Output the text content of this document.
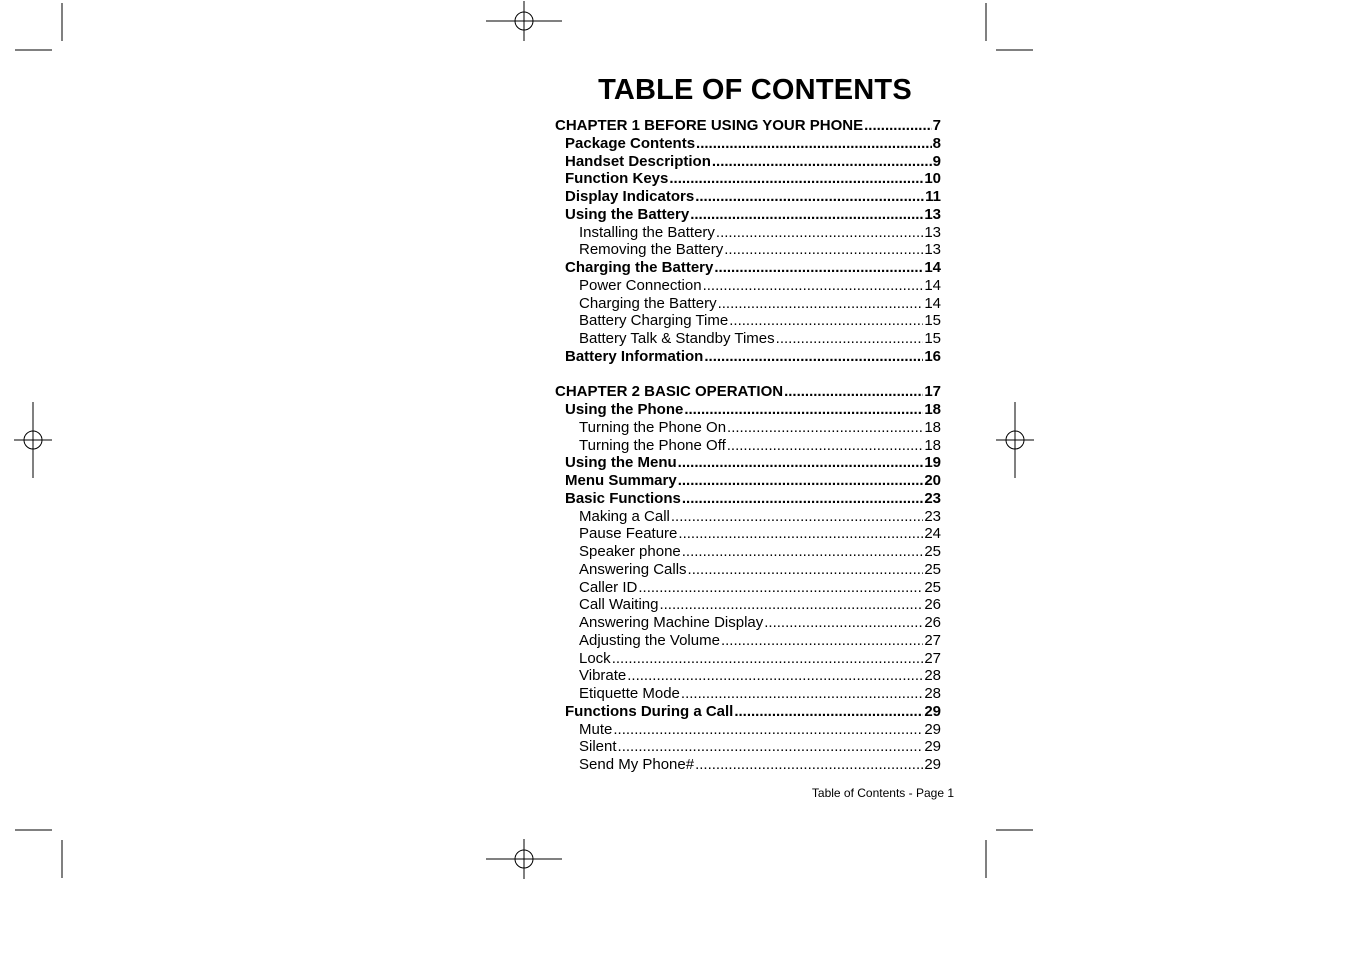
TABLE OF CONTENTS
CHAPTER 1 BEFORE USING YOUR PHONE .....	7
Package Contents .....	8
Handset Description .....	9
Function Keys .....	10
Display Indicators .....	11
Using the Battery .....	13
Installing the Battery .....	13
Removing the Battery .....	13
Charging the Battery .....	14
Power Connection .....	14
Charging the Battery .....	14
Battery Charging Time .....	15
Battery Talk & Standby Times .....	15
Battery Information .....	16
CHAPTER 2 BASIC OPERATION .....	17
Using the Phone .....	18
Turning the Phone On .....	18
Turning the Phone Off .....	18
Using the Menu .....	19
Menu Summary .....	20
Basic Functions .....	23
Making a Call .....	23
Pause Feature .....	24
Speaker phone .....	25
Answering Calls .....	25
Caller ID .....	25
Call Waiting .....	26
Answering Machine Display .....	26
Adjusting the Volume .....	27
Lock .....	27
Vibrate .....	28
Etiquette Mode .....	28
Functions During a Call .....	29
Mute .....	29
Silent .....	29
Send My Phone# .....	29
Table of Contents - Page 1
